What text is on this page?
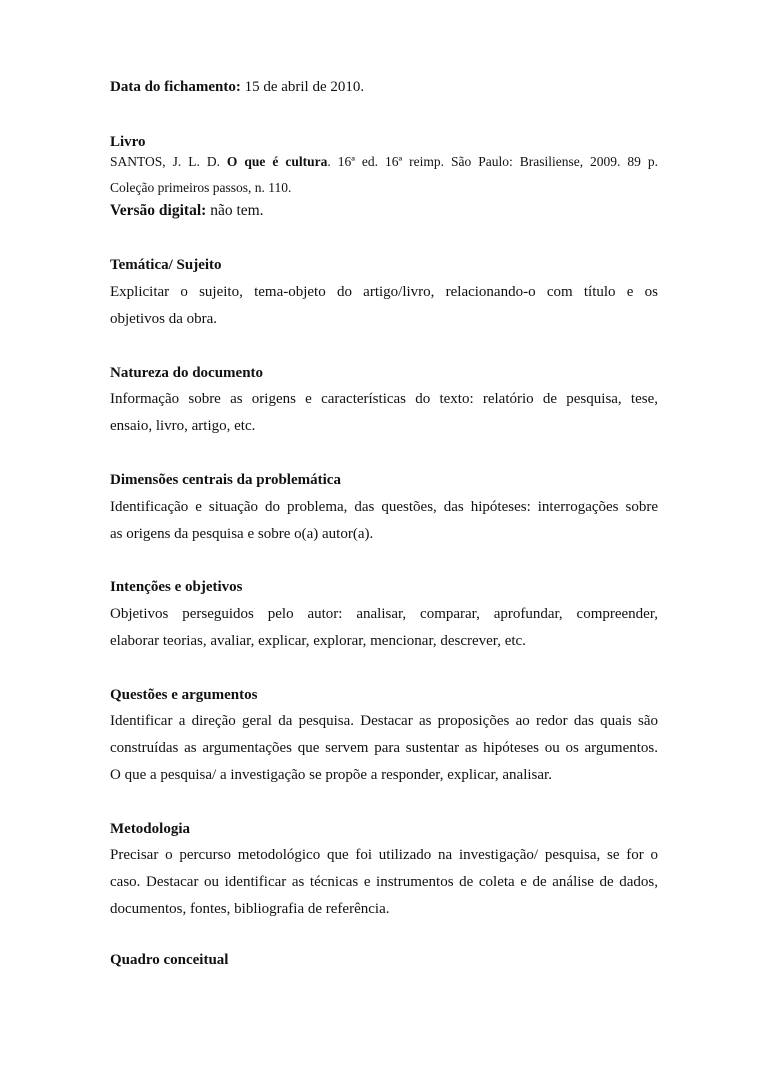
Data do fichamento: 15 de abril de 2010.
Livro
SANTOS, J. L. D. O que é cultura. 16ª ed. 16ª reimp. São Paulo: Brasiliense, 2009. 89 p.
Coleção primeiros passos, n. 110.
Versão digital: não tem.
Temática/ Sujeito
Explicitar o sujeito, tema-objeto do artigo/livro, relacionando-o com título e os
objetivos da obra.
Natureza do documento
Informação sobre as origens e características do texto: relatório de pesquisa, tese,
ensaio, livro, artigo, etc.
Dimensões centrais da problemática
Identificação e situação do problema, das questões, das hipóteses: interrogações sobre
as origens da pesquisa e sobre o(a) autor(a).
Intenções e objetivos
Objetivos perseguidos pelo autor: analisar, comparar, aprofundar, compreender,
elaborar teorias, avaliar, explicar, explorar, mencionar, descrever, etc.
Questões e argumentos
Identificar a direção geral da pesquisa. Destacar as proposições ao redor das quais são
construídas as argumentações que servem para sustentar as hipóteses ou os argumentos.
O que a pesquisa/ a investigação se propõe a responder, explicar, analisar.
Metodologia
Precisar o percurso metodológico que foi utilizado na investigação/ pesquisa, se for o
caso. Destacar ou identificar as técnicas e instrumentos de coleta e de análise de dados,
documentos, fontes, bibliografia de referência.
Quadro conceitual
